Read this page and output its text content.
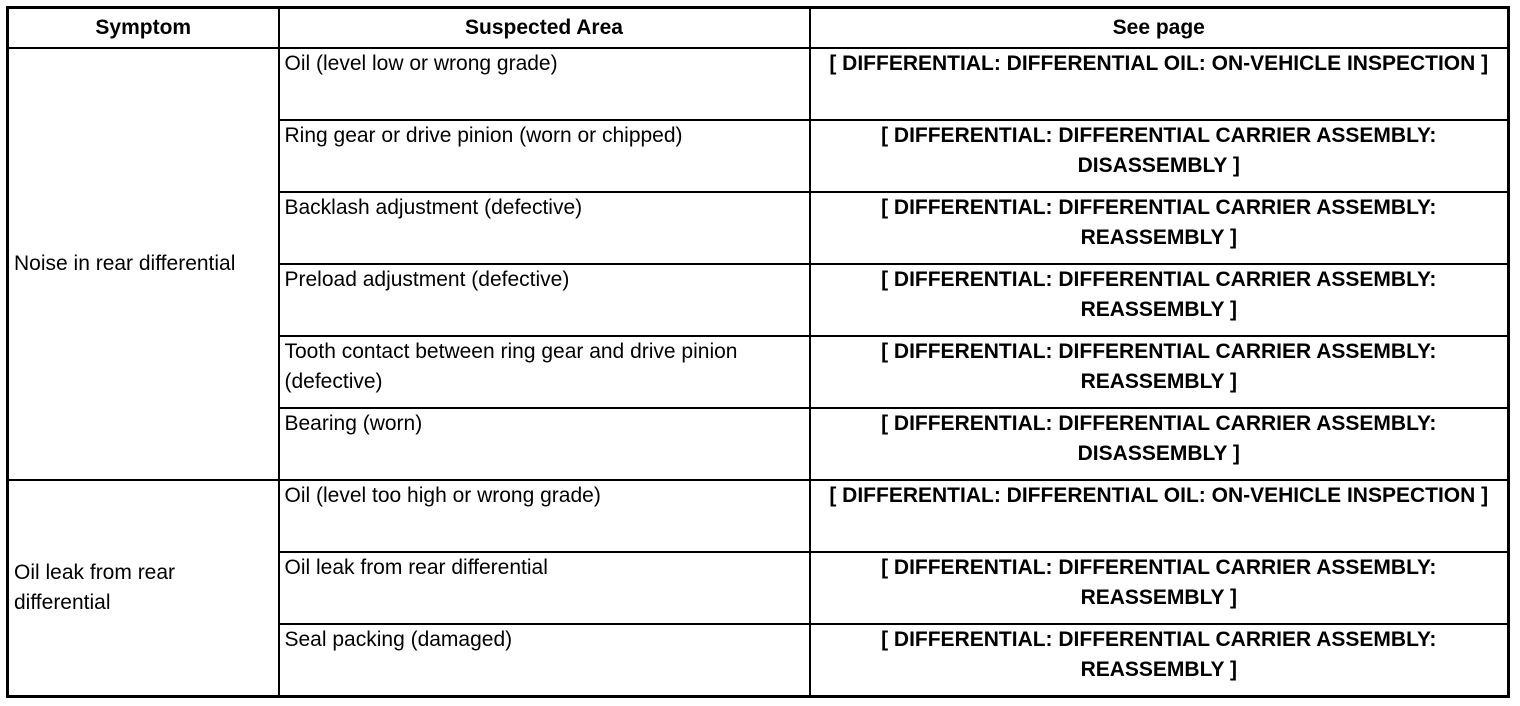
Symptom	Suspected Area	See page
Noise in rear differential	Oil (level low or wrong grade)	[ DIFFERENTIAL: DIFFERENTIAL OIL: ON-VEHICLE INSPECTION ]
	Ring gear or drive pinion (worn or chipped)	[ DIFFERENTIAL: DIFFERENTIAL CARRIER ASSEMBLY: DISASSEMBLY ]
	Backlash adjustment (defective)	[ DIFFERENTIAL: DIFFERENTIAL CARRIER ASSEMBLY: REASSEMBLY ]
	Preload adjustment (defective)	[ DIFFERENTIAL: DIFFERENTIAL CARRIER ASSEMBLY: REASSEMBLY ]
	Tooth contact between ring gear and drive pinion (defective)	[ DIFFERENTIAL: DIFFERENTIAL CARRIER ASSEMBLY: REASSEMBLY ]
	Bearing (worn)	[ DIFFERENTIAL: DIFFERENTIAL CARRIER ASSEMBLY: DISASSEMBLY ]
Oil leak from rear differential	Oil (level too high or wrong grade)	[ DIFFERENTIAL: DIFFERENTIAL OIL: ON-VEHICLE INSPECTION ]
	Oil leak from rear differential	[ DIFFERENTIAL: DIFFERENTIAL CARRIER ASSEMBLY: REASSEMBLY ]
	Seal packing (damaged)	[ DIFFERENTIAL: DIFFERENTIAL CARRIER ASSEMBLY: REASSEMBLY ]
